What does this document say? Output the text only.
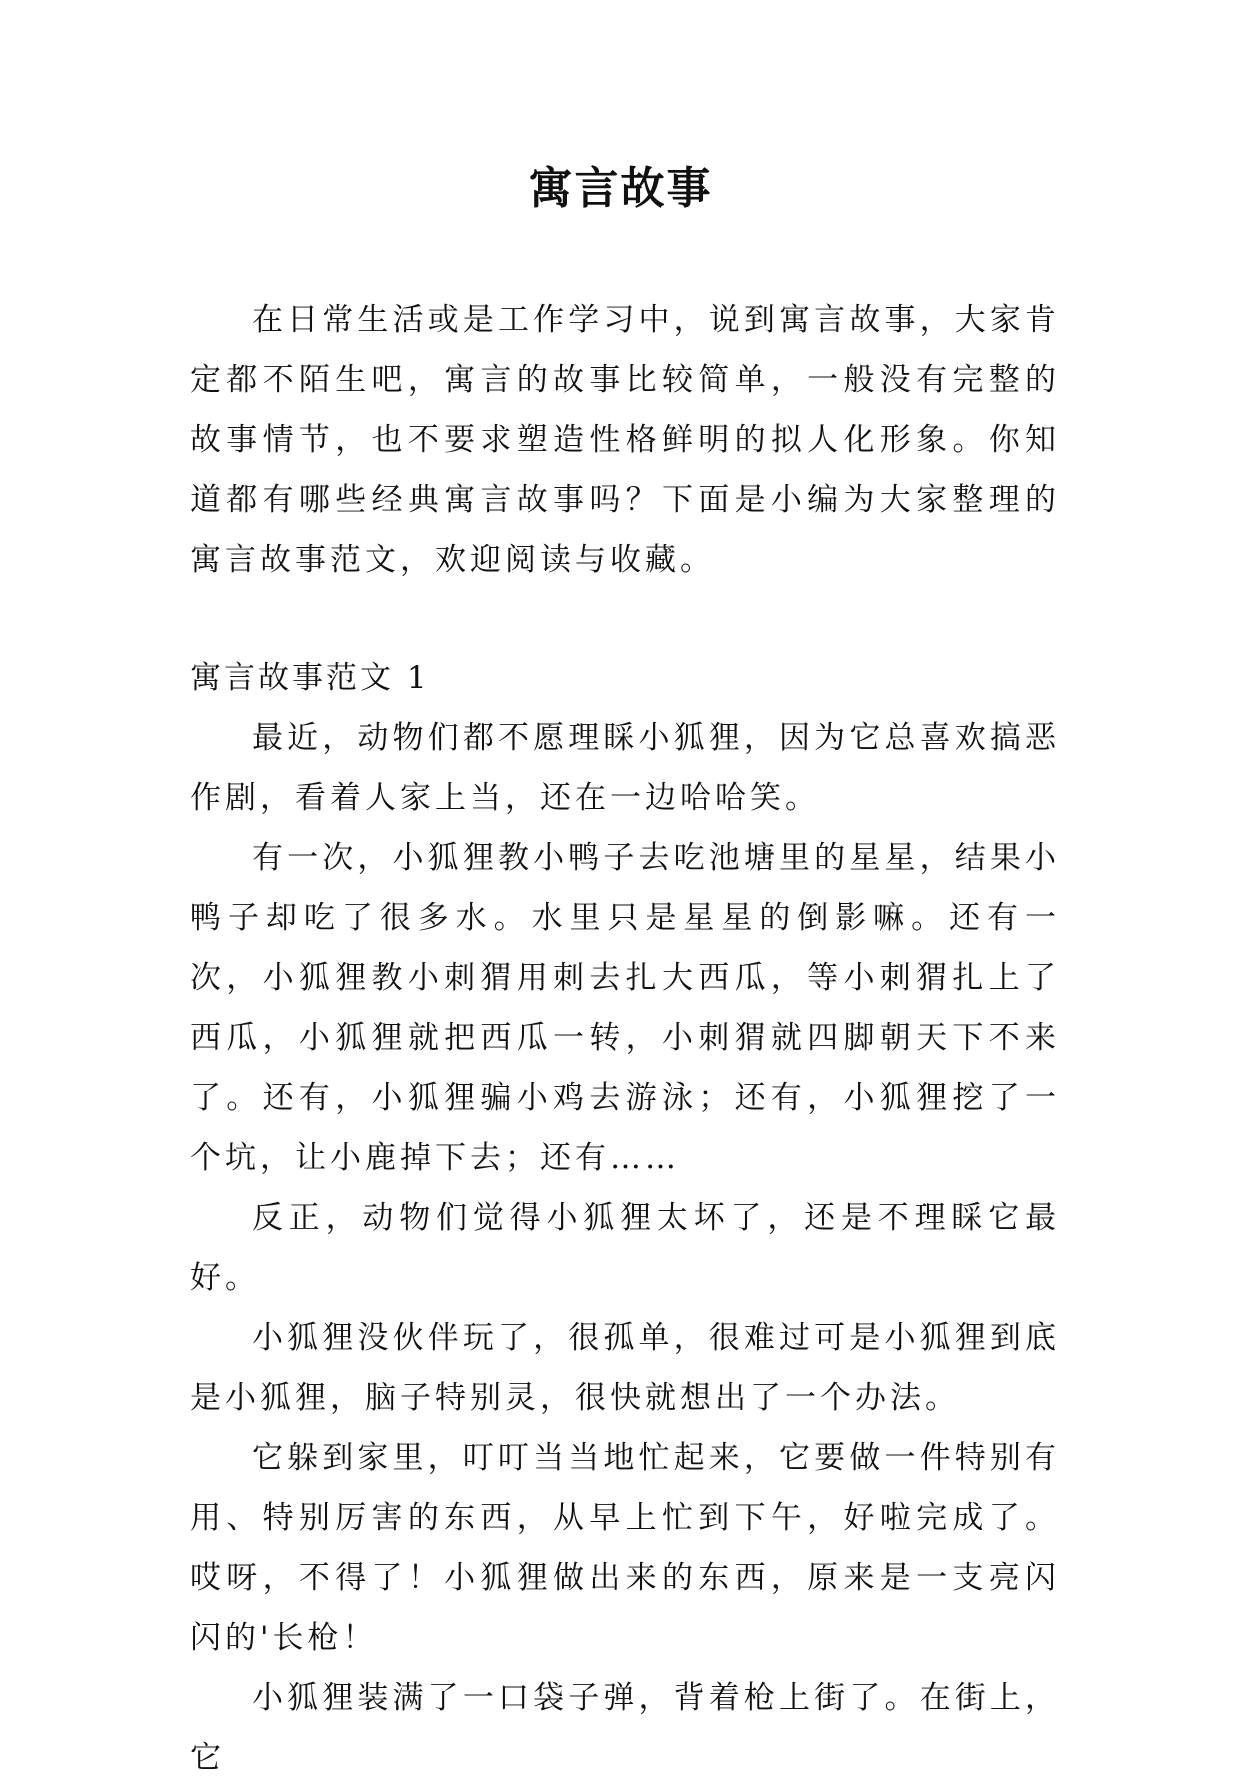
寓言故事

在日常生活或是工作学习中，说到寓言故事，大家肯定都不陌生吧，寓言的故事比较简单，一般没有完整的故事情节，也不要求塑造性格鲜明的拟人化形象。你知道都有哪些经典寓言故事吗？下面是小编为大家整理的寓言故事范文，欢迎阅读与收藏。

寓言故事范文 1

最近，动物们都不愿理睬小狐狸，因为它总喜欢搞恶作剧，看着人家上当，还在一边哈哈笑。

有一次，小狐狸教小鸭子去吃池塘里的星星，结果小鸭子却吃了很多水。水里只是星星的倒影嘛。还有一次，小狐狸教小刺猬用刺去扎大西瓜，等小刺猬扎上了西瓜，小狐狸就把西瓜一转，小刺猬就四脚朝天下不来了。还有，小狐狸骗小鸡去游泳；还有，小狐狸挖了一个坑，让小鹿掉下去；还有……

反正，动物们觉得小狐狸太坏了，还是不理睬它最好。

小狐狸没伙伴玩了，很孤单，很难过可是小狐狸到底是小狐狸，脑子特别灵，很快就想出了一个办法。

它躲到家里，叮叮当当地忙起来，它要做一件特别有用、特别厉害的东西，从早上忙到下午，好啦完成了。哎呀，不得了！小狐狸做出来的东西，原来是一支亮闪闪的'长枪！

小狐狸装满了一口袋子弹，背着枪上街了。在街上，它
